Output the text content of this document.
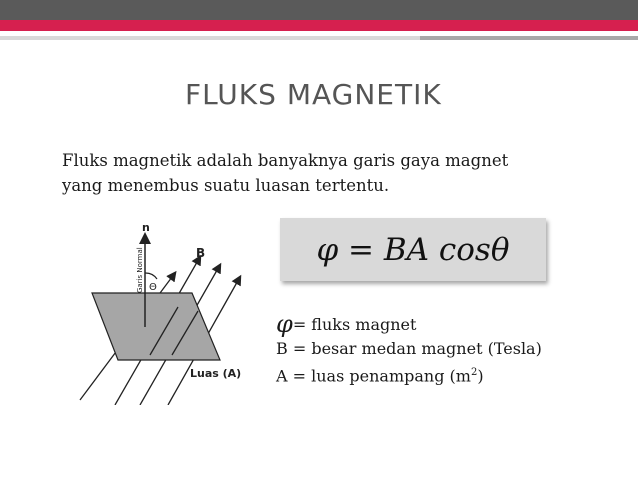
FLUKS MAGNETIK
Fluks magnetik adalah banyaknya garis gaya magnet
yang menembus suatu luasan tertentu.
n
B
Garis Normal Θ
Luas (A)
φ = BA cosθ
φ= fluks magnet
B = besar medan magnet (Tesla)
A = luas penampang $(m^2)$
